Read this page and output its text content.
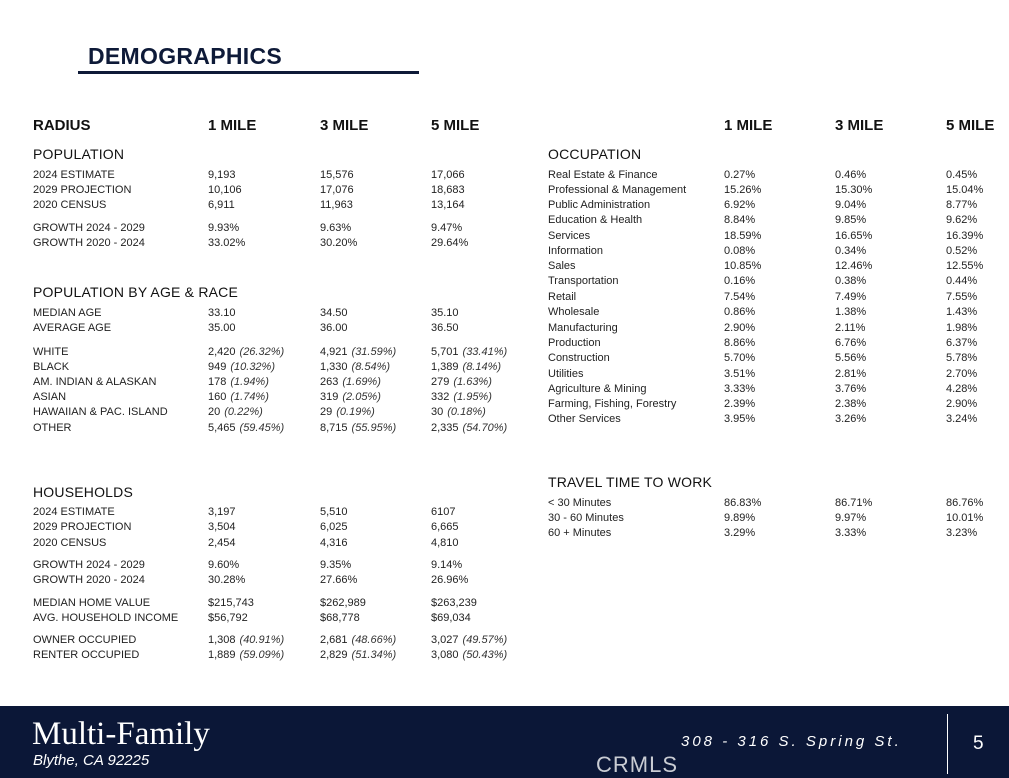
DEMOGRAPHICS
RADIUS	1 MILE	3 MILE	5 MILE	1 MILE	3 MILE	5 MILE
POPULATION
POPULATION BY AGE & RACE
HOUSEHOLDS
OCCUPATION
TRAVEL TIME TO WORK
2024 ESTIMATE	9,193	15,576	17,066
2029 PROJECTION	10,106	17,076	18,683
2020 CENSUS	6,911	11,963	13,164
GROWTH 2024 - 2029	9.93%	9.63%	9.47%
GROWTH 2020 - 2024	33.02%	30.20%	29.64%
MEDIAN AGE	33.10	34.50	35.10
AVERAGE AGE	35.00	36.00	36.50
WHITE	2,420 (26.32%)	4,921 (31.59%)	5,701 (33.41%)
BLACK	949 (10.32%)	1,330 (8.54%)	1,389 (8.14%)
AM. INDIAN & ALASKAN	178 (1.94%)	263 (1.69%)	279 (1.63%)
ASIAN	160 (1.74%)	319 (2.05%)	332 (1.95%)
HAWAIIAN & PAC. ISLAND	20 (0.22%)	29 (0.19%)	30 (0.18%)
OTHER	5,465 (59.45%)	8,715 (55.95%)	2,335 (54.70%)
2024 ESTIMATE	3,197	5,510	6107
2029 PROJECTION	3,504	6,025	6,665
2020 CENSUS	2,454	4,316	4,810
GROWTH 2024 - 2029	9.60%	9.35%	9.14%
GROWTH 2020 - 2024	30.28%	27.66%	26.96%
MEDIAN HOME VALUE	$215,743	$262,989	$263,239
AVG. HOUSEHOLD INCOME	$56,792	$68,778	$69,034
OWNER OCCUPIED	1,308 (40.91%)	2,681 (48.66%)	3,027 (49.57%)
RENTER OCCUPIED	1,889 (59.09%)	2,829 (51.34%)	3,080 (50.43%)
Real Estate & Finance	0.27%	0.46%	0.45%
Professional & Management	15.26%	15.30%	15.04%
Public Administration	6.92%	9.04%	8.77%
Education & Health	8.84%	9.85%	9.62%
Services	18.59%	16.65%	16.39%
Information	0.08%	0.34%	0.52%
Sales	10.85%	12.46%	12.55%
Transportation	0.16%	0.38%	0.44%
Retail	7.54%	7.49%	7.55%
Wholesale	0.86%	1.38%	1.43%
Manufacturing	2.90%	2.11%	1.98%
Production	8.86%	6.76%	6.37%
Construction	5.70%	5.56%	5.78%
Utilities	3.51%	2.81%	2.70%
Agriculture & Mining	3.33%	3.76%	4.28%
Farming, Fishing, Forestry	2.39%	2.38%	2.90%
Other Services	3.95%	3.26%	3.24%
< 30 Minutes	86.83%	86.71%	86.76%
30 - 60 Minutes	9.89%	9.97%	10.01%
60 + Minutes	3.29%	3.33%	3.23%
Multi-Family
Blythe, CA 92225	CRMLS
308 - 316 S. Spring St.	5
